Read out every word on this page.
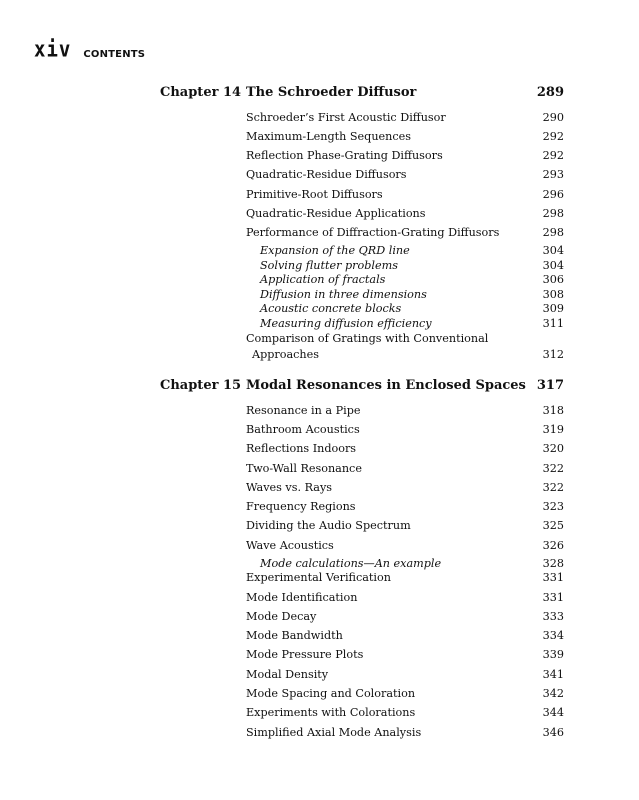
xiv CONTENTS
Chapter 14 The Schroeder Diffusor	289
Schroeder’s First Acoustic Diffusor	290
Maximum-Length Sequences	292
Reflection Phase-Grating Diffusors	292
Quadratic-Residue Diffusors	293
Primitive-Root Diffusors	296
Quadratic-Residue Applications	298
Performance of Diffraction-Grating Diffusors	298
Expansion of the QRD line	304
Solving flutter problems	304
Application of fractals	306
Diffusion in three dimensions	308
Acoustic concrete blocks	309
Measuring diffusion efficiency	311
Comparison of Gratings with Conventional
Approaches	312
Chapter 15 Modal Resonances in Enclosed Spaces 317
Resonance in a Pipe	318
Bathroom Acoustics	319
Reflections Indoors	320
Two-Wall Resonance	322
Waves vs. Rays	322
Frequency Regions	323
Dividing the Audio Spectrum	325
Wave Acoustics	326
Mode calculations—An example	328
Experimental Verification	331
Mode Identification	331
Mode Decay	333
Mode Bandwidth	334
Mode Pressure Plots	339
Modal Density	341
Mode Spacing and Coloration	342
Experiments with Colorations	344
Simplified Axial Mode Analysis	346
